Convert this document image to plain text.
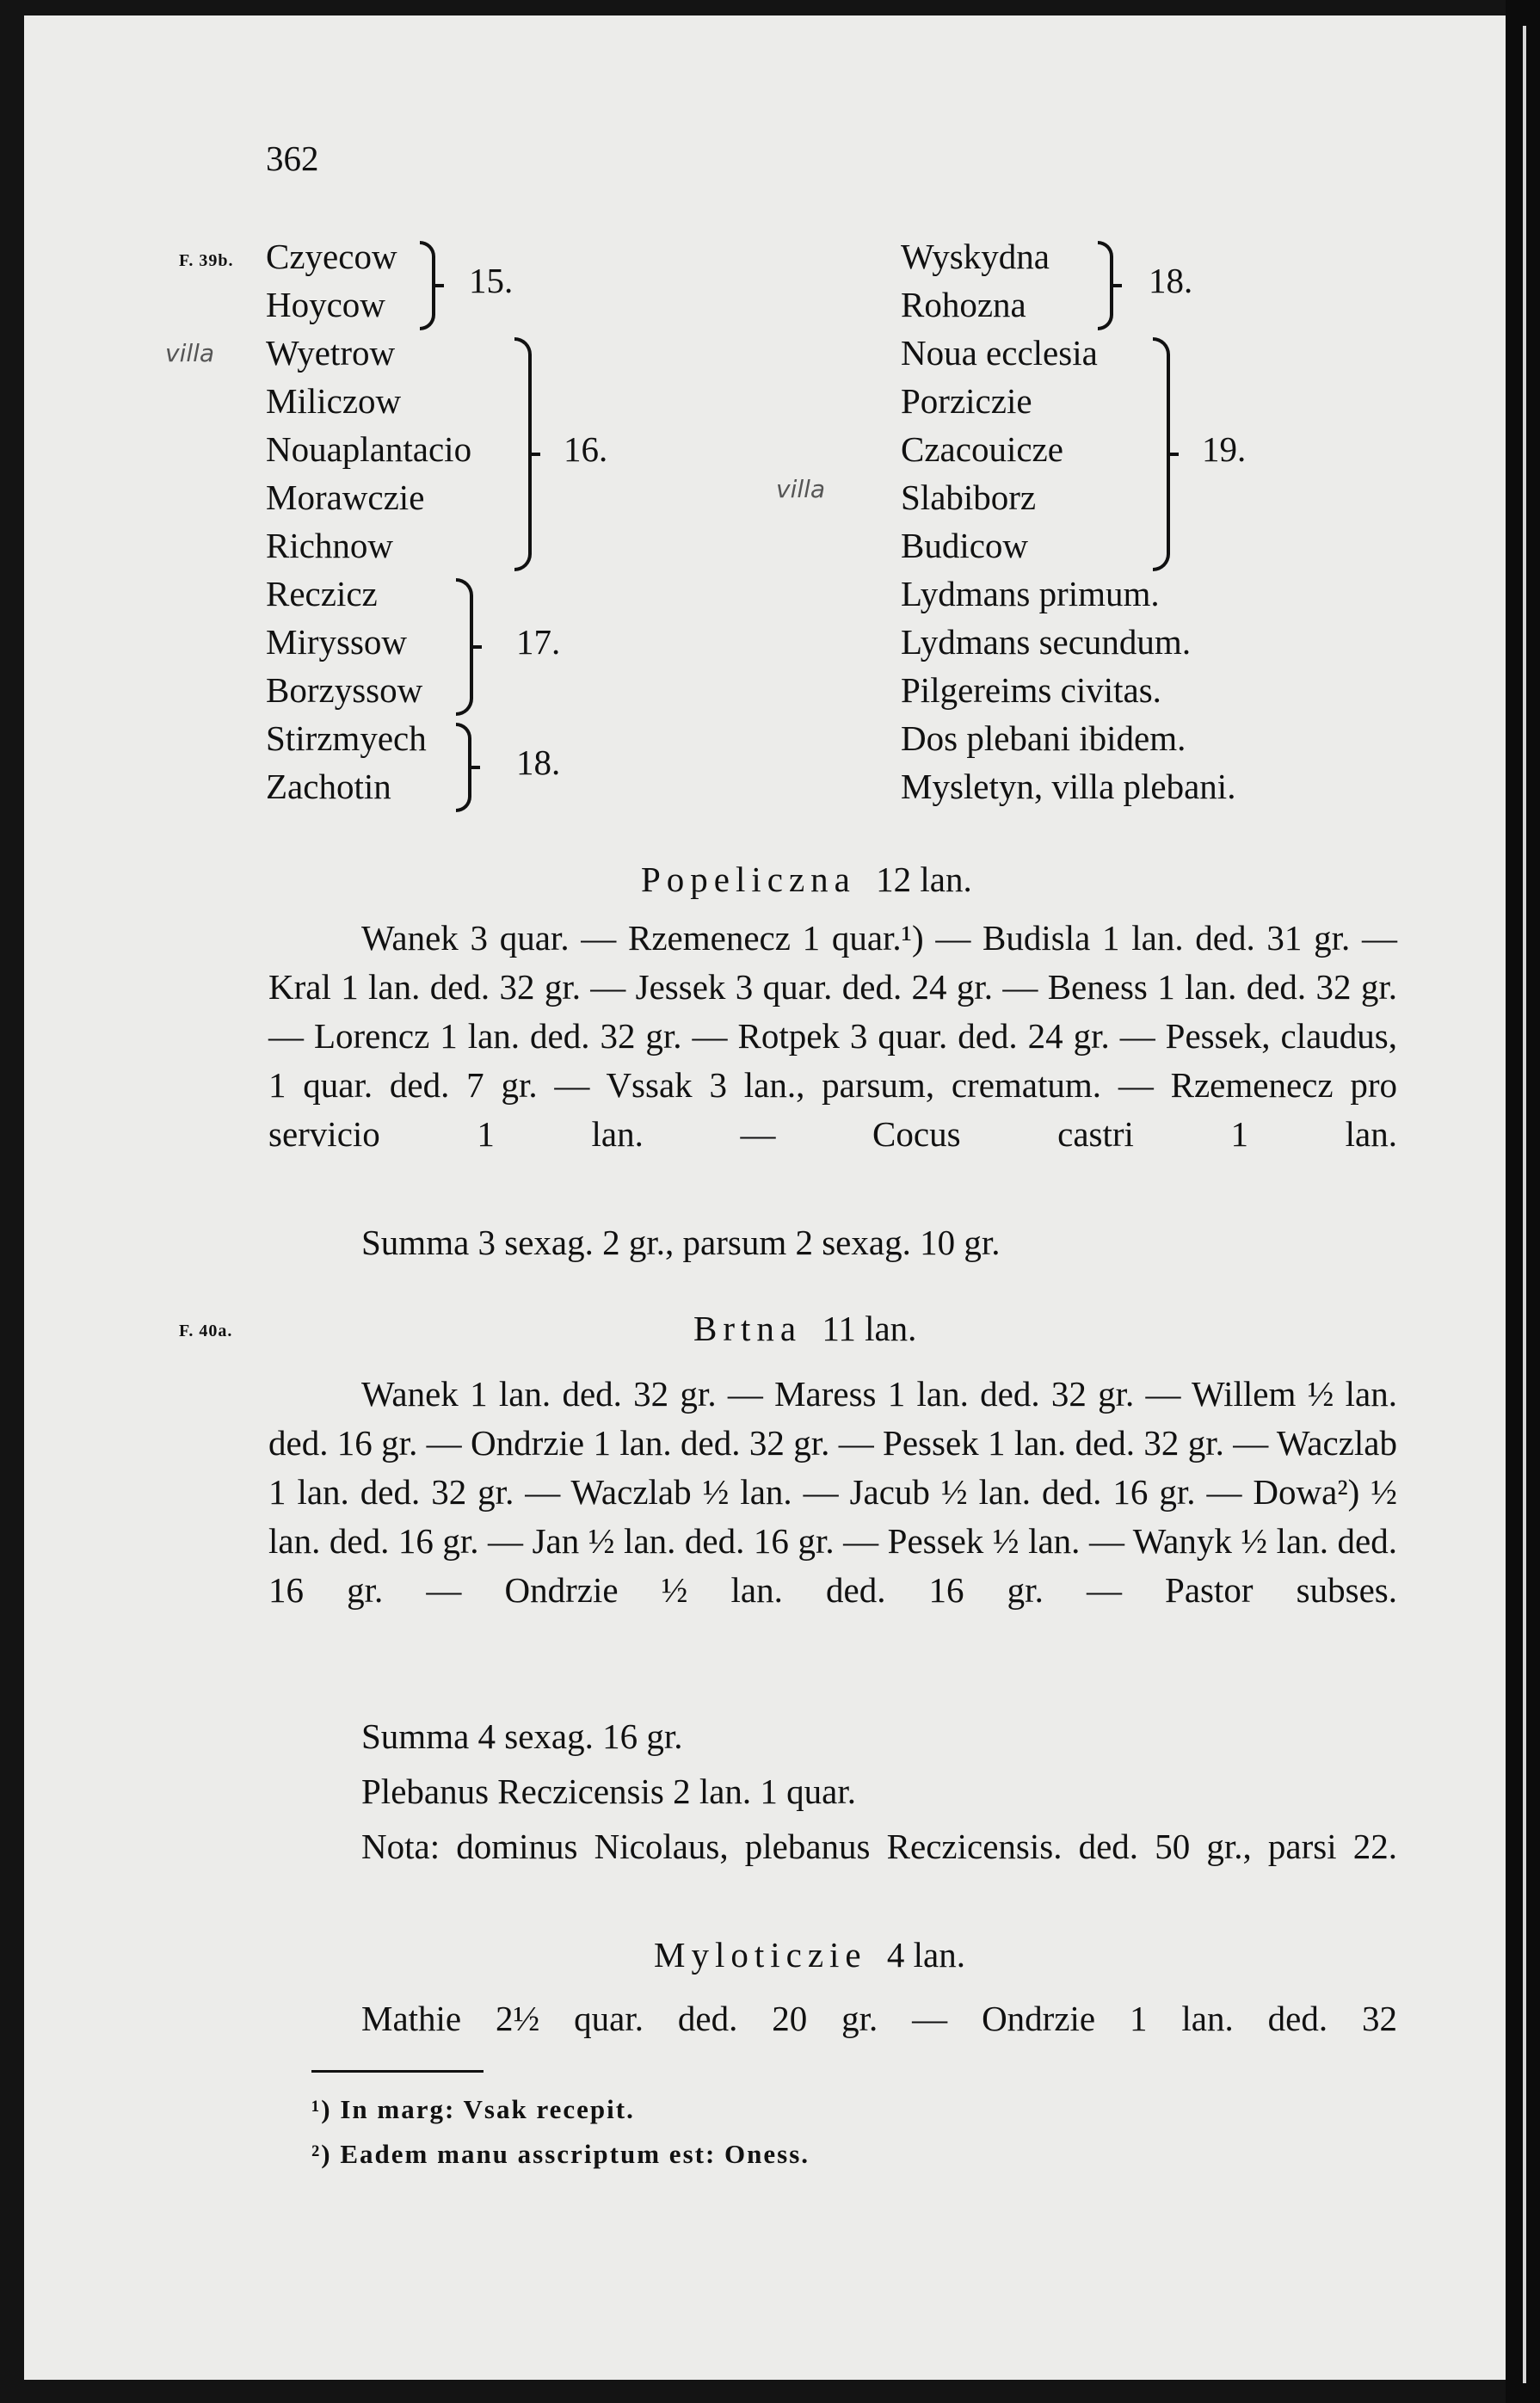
362
F. 39b.
F. 40a.
Czyecow
Hoycow
Wyetrow
Miliczow
Nouaplantacio
Morawczie
Richnow
Reczicz
Miryssow
Borzyssow
Stirzmyech
Zachotin
15.
16.
17.
18.
Wyskydna
Rohozna
Noua ecclesia
Porziczie
Czacouicze
Slabiborz
Budicow
Lydmans primum.
Lydmans secundum.
Pilgereims civitas.
Dos plebani ibidem.
Mysletyn, villa plebani.
18.
19.
villa
villa
Popeliczna 12 lan.
Wanek 3 quar. — Rzemenecz 1 quar.¹) — Budisla 1 lan. ded. 31 gr. — Kral 1 lan. ded. 32 gr. — Jessek 3 quar. ded. 24 gr. — Beness 1 lan. ded. 32 gr. — Lorencz 1 lan. ded. 32 gr. — Rotpek 3 quar. ded. 24 gr. — Pessek, claudus, 1 quar. ded. 7 gr. — Vssak 3 lan., parsum, crematum. — Rzemenecz pro servicio 1 lan. — Cocus castri 1 lan.
Summa 3 sexag. 2 gr., parsum 2 sexag. 10 gr.
Brtna 11 lan.
Wanek 1 lan. ded. 32 gr. — Maress 1 lan. ded. 32 gr. — Willem ½ lan. ded. 16 gr. — Ondrzie 1 lan. ded. 32 gr. — Pessek 1 lan. ded. 32 gr. — Waczlab 1 lan. ded. 32 gr. — Waczlab ½ lan. — Jacub ½ lan. ded. 16 gr. — Dowa²) ½ lan. ded. 16 gr. — Jan ½ lan. ded. 16 gr. — Pessek ½ lan. — Wanyk ½ lan. ded. 16 gr. — Ondrzie ½ lan. ded. 16 gr. — Pastor subses.
Summa 4 sexag. 16 gr.
Plebanus Reczicensis 2 lan. 1 quar.
Nota: dominus Nicolaus, plebanus Reczicensis. ded. 50 gr., parsi 22.
Myloticzie 4 lan.
Mathie 2½ quar. ded. 20 gr. — Ondrzie 1 lan. ded. 32
¹) In marg: Vsak recepit.
²) Eadem manu asscriptum est: Oness.
